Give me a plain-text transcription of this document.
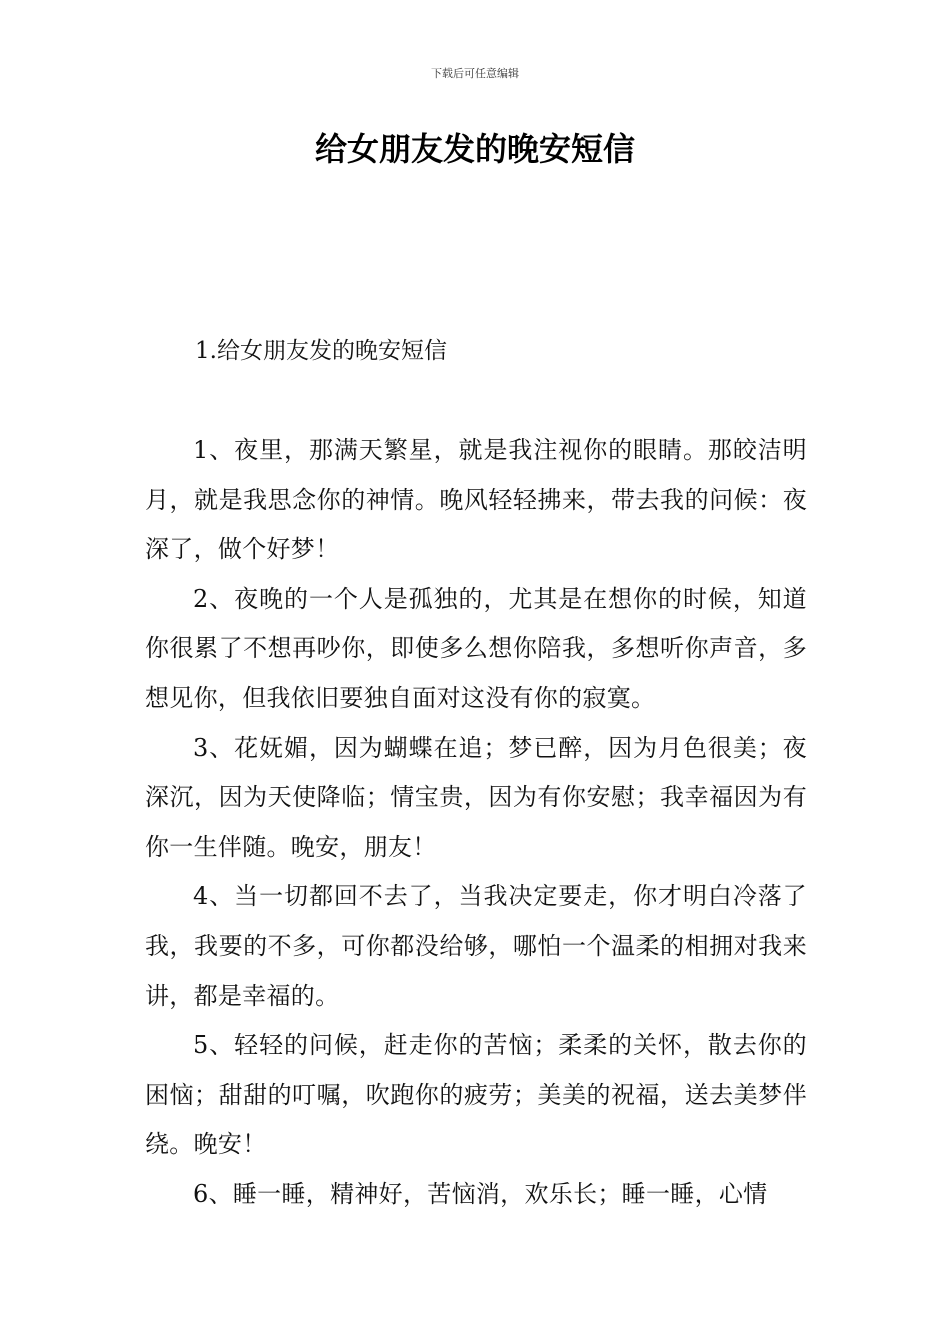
下载后可任意编辑
给女朋友发的晚安短信
1.给女朋友发的晚安短信

1、夜里，那满天繁星，就是我注视你的眼睛。那皎洁明月，就是我思念你的神情。晚风轻轻拂来，带去我的问候：夜深了，做个好梦！

2、夜晚的一个人是孤独的，尤其是在想你的时候，知道你很累了不想再吵你，即使多么想你陪我，多想听你声音，多想见你，但我依旧要独自面对这没有你的寂寞。

3、花妩媚，因为蝴蝶在追；梦已醉，因为月色很美；夜深沉，因为天使降临；情宝贵，因为有你安慰；我幸福因为有你一生伴随。晚安，朋友！

4、当一切都回不去了，当我决定要走，你才明白冷落了我，我要的不多，可你都没给够，哪怕一个温柔的相拥对我来讲，都是幸福的。

5、轻轻的问候，赶走你的苦恼；柔柔的关怀，散去你的困恼；甜甜的叮嘱，吹跑你的疲劳；美美的祝福，送去美梦伴绕。晚安！

6、睡一睡，精神好，苦恼消，欢乐长；睡一睡，心情
